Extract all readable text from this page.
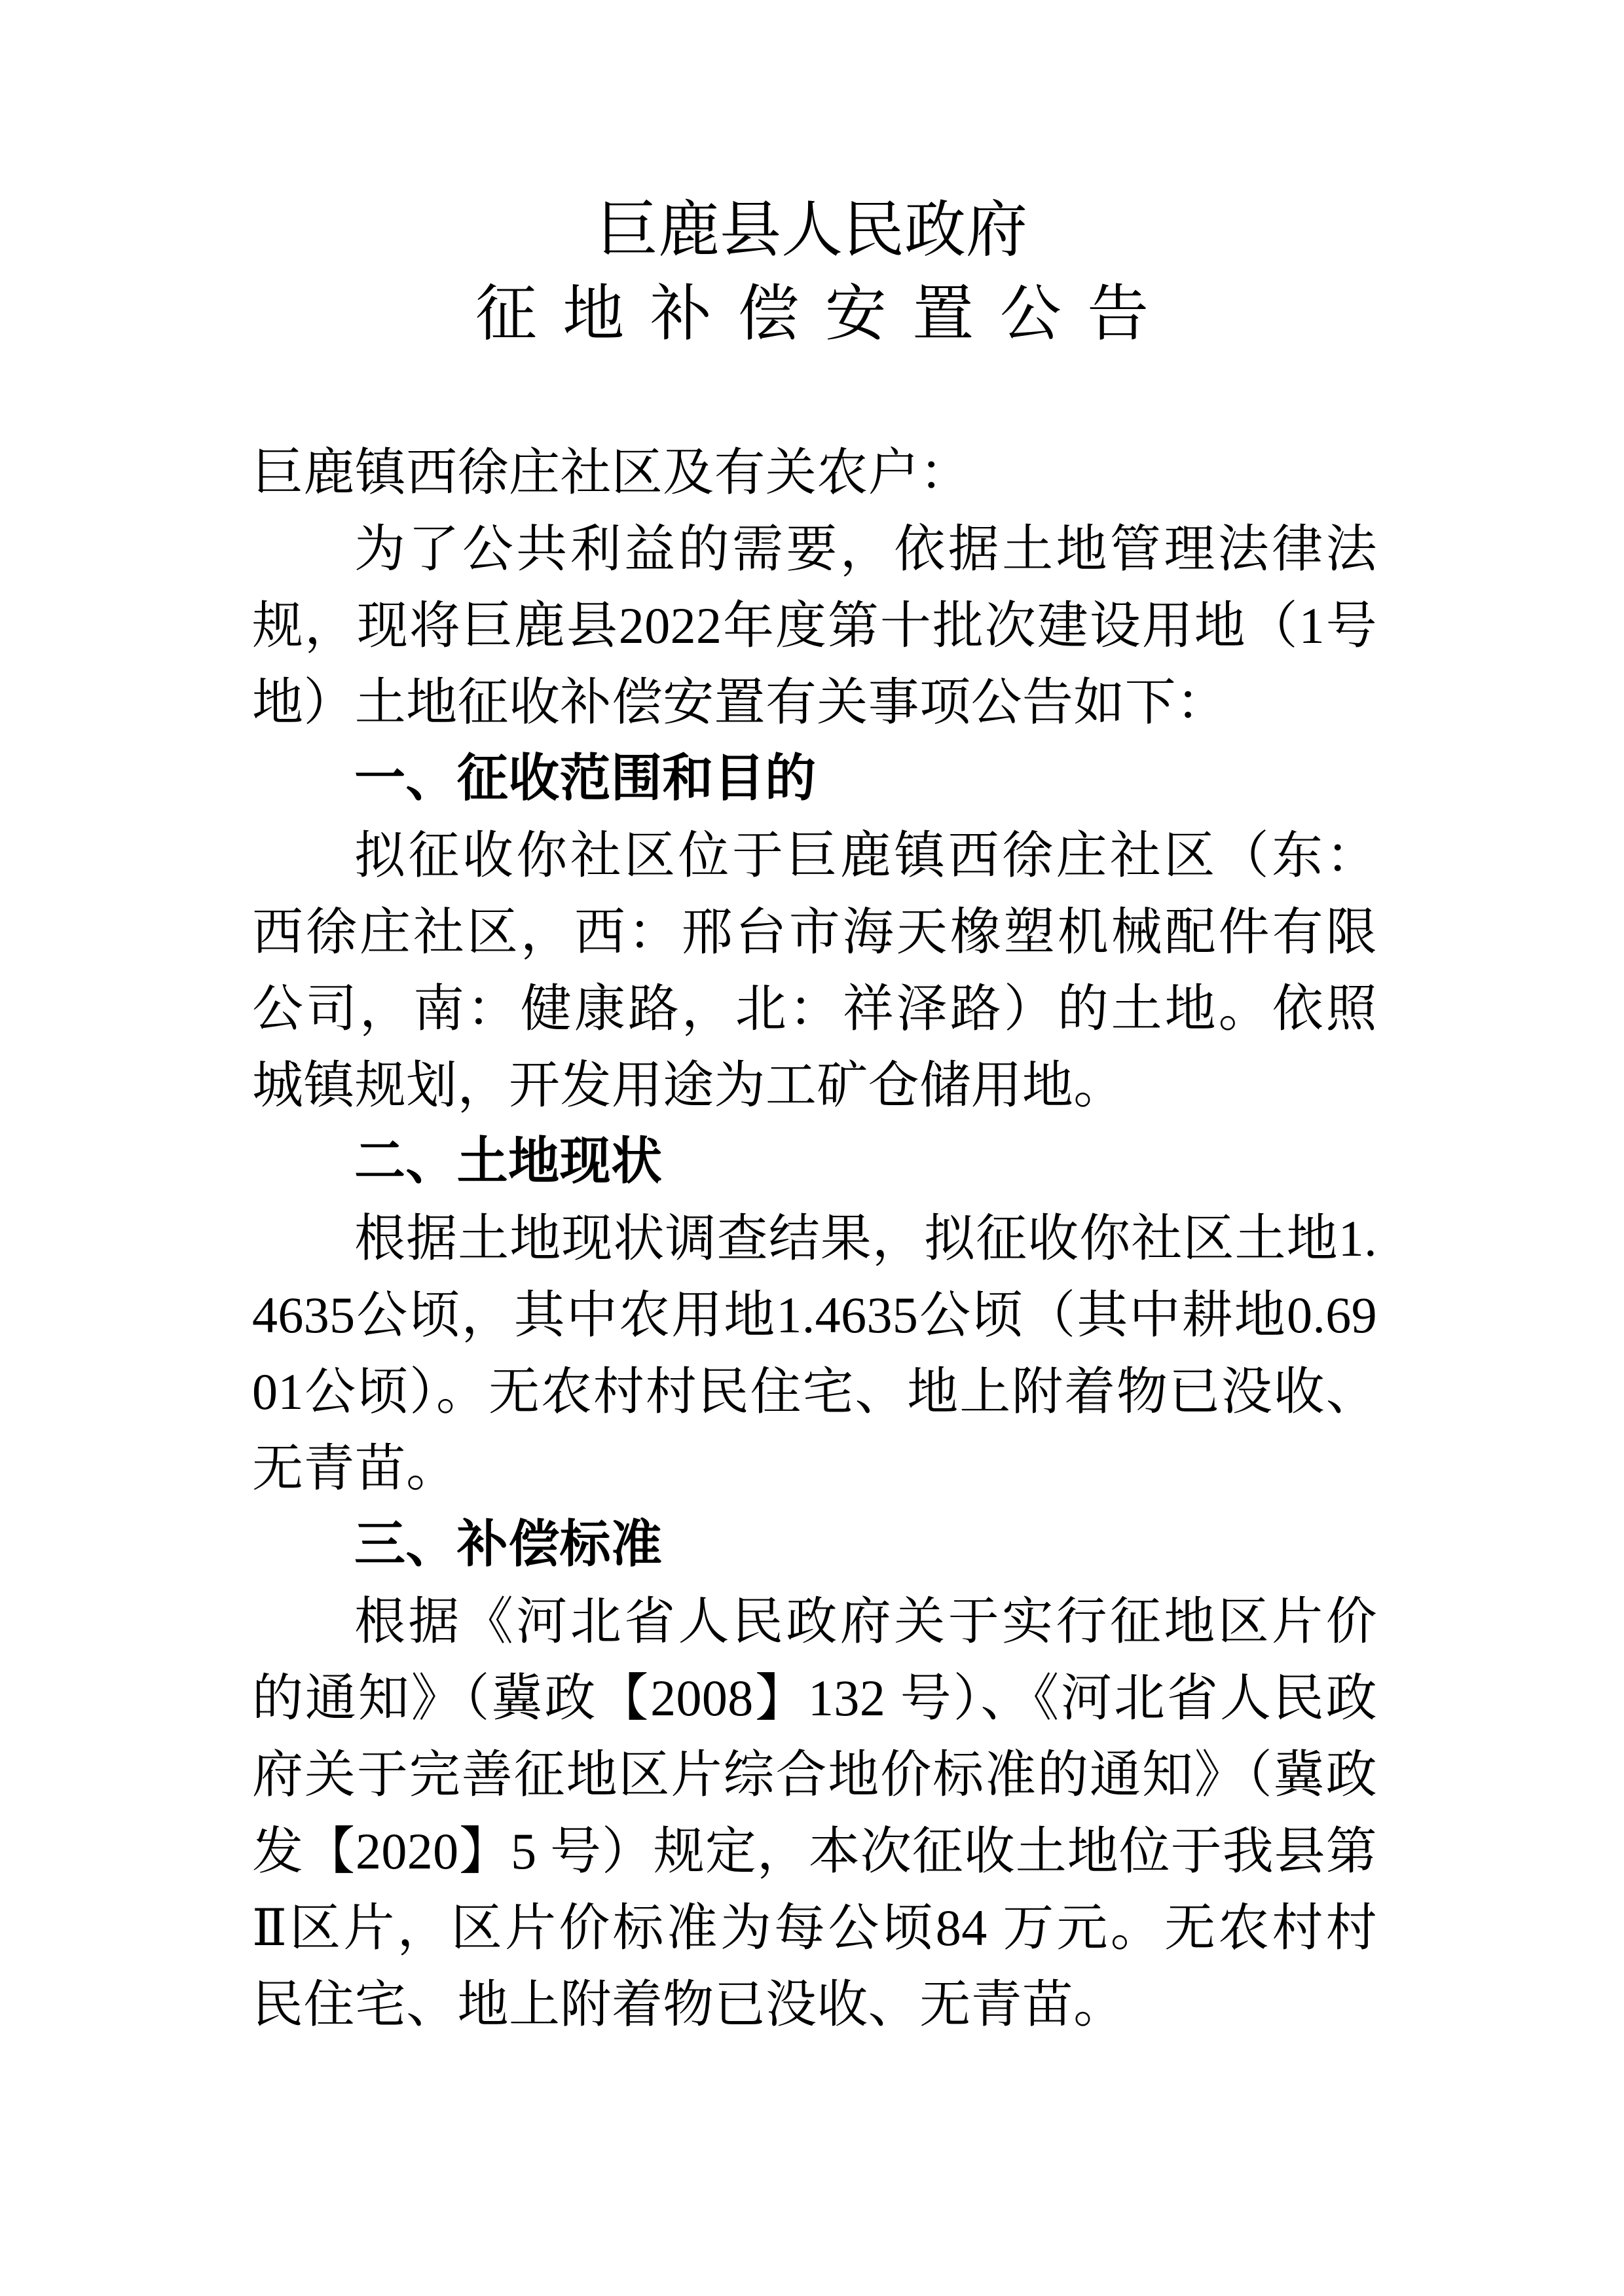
巨鹿县人民政府
征地补偿安置公告

巨鹿镇西徐庄社区及有关农户：

为了公共利益的需要，依据土地管理法律法规，现将巨鹿县2022年度第十批次建设用地（1号地）土地征收补偿安置有关事项公告如下：

一、征收范围和目的

拟征收你社区位于巨鹿镇西徐庄社区（东：西徐庄社区，西：邢台市海天橡塑机械配件有限公司，南：健康路，北：祥泽路）的土地。依照城镇规划，开发用途为工矿仓储用地。

二、土地现状

根据土地现状调查结果，拟征收你社区土地1.4635公顷，其中农用地1.4635公顷（其中耕地0.6901公顷）。无农村村民住宅、地上附着物已没收、无青苗。

三、补偿标准

根据《河北省人民政府关于实行征地区片价的通知》（冀政【2008】132 号）、《河北省人民政府关于完善征地区片综合地价标准的通知》（冀政发【2020】5 号）规定，本次征收土地位于我县第Ⅱ区片，区片价标准为每公顷84 万元。无农村村民住宅、地上附着物已没收、无青苗。
